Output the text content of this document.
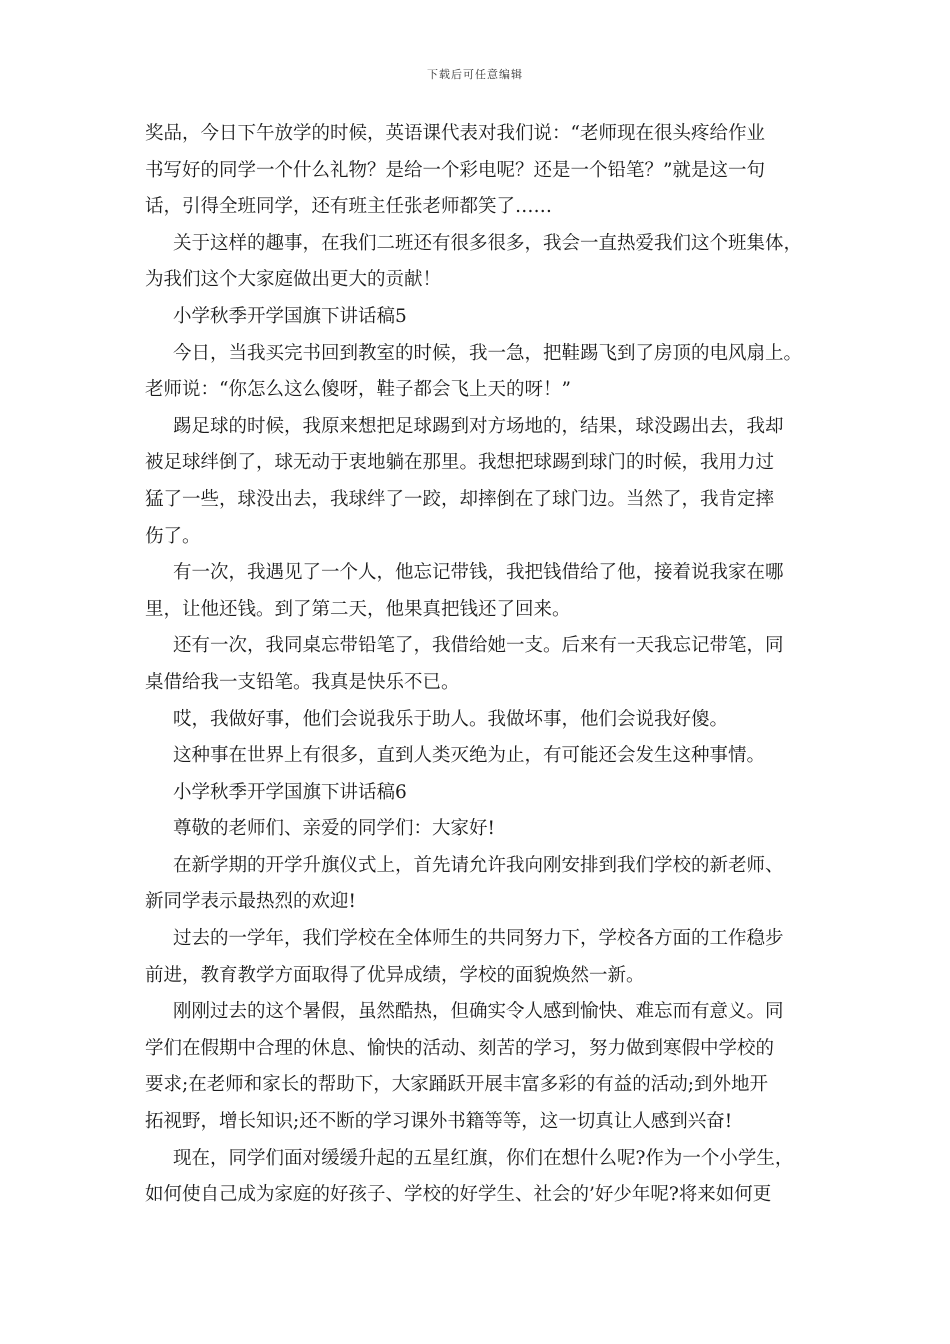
下载后可任意编辑
奖品，今日下午放学的时候，英语课代表对我们说：“老师现在很头疼给作业
书写好的同学一个什么礼物？是给一个彩电呢？还是一个铅笔？”就是这一句
话，引得全班同学，还有班主任张老师都笑了……
关于这样的趣事，在我们二班还有很多很多，我会一直热爱我们这个班集体，
为我们这个大家庭做出更大的贡献！
小学秋季开学国旗下讲话稿5
今日，当我买完书回到教室的时候，我一急，把鞋踢飞到了房顶的电风扇上。
老师说：“你怎么这么傻呀，鞋子都会飞上天的呀！”
踢足球的时候，我原来想把足球踢到对方场地的，结果，球没踢出去，我却
被足球绊倒了，球无动于衷地躺在那里。我想把球踢到球门的时候，我用力过
猛了一些，球没出去，我球绊了一跤，却摔倒在了球门边。当然了，我肯定摔
伤了。
有一次，我遇见了一个人，他忘记带钱，我把钱借给了他，接着说我家在哪
里，让他还钱。到了第二天，他果真把钱还了回来。
还有一次，我同桌忘带铅笔了，我借给她一支。后来有一天我忘记带笔，同
桌借给我一支铅笔。我真是快乐不已。
哎，我做好事，他们会说我乐于助人。我做坏事，他们会说我好傻。
这种事在世界上有很多，直到人类灭绝为止，有可能还会发生这种事情。
小学秋季开学国旗下讲话稿6
尊敬的老师们、亲爱的同学们：大家好!
在新学期的开学升旗仪式上，首先请允许我向刚安排到我们学校的新老师、
新同学表示最热烈的欢迎!
过去的一学年，我们学校在全体师生的共同努力下，学校各方面的工作稳步
前进，教育教学方面取得了优异成绩，学校的面貌焕然一新。
刚刚过去的这个暑假，虽然酷热，但确实令人感到愉快、难忘而有意义。同
学们在假期中合理的休息、愉快的活动、刻苦的学习，努力做到寒假中学校的
要求;在老师和家长的帮助下，大家踊跃开展丰富多彩的有益的活动;到外地开
拓视野，增长知识;还不断的学习课外书籍等等，这一切真让人感到兴奋!
现在，同学们面对缓缓升起的五星红旗，你们在想什么呢?作为一个小学生，
如何使自己成为家庭的好孩子、学校的好学生、社会的’好少年呢?将来如何更
